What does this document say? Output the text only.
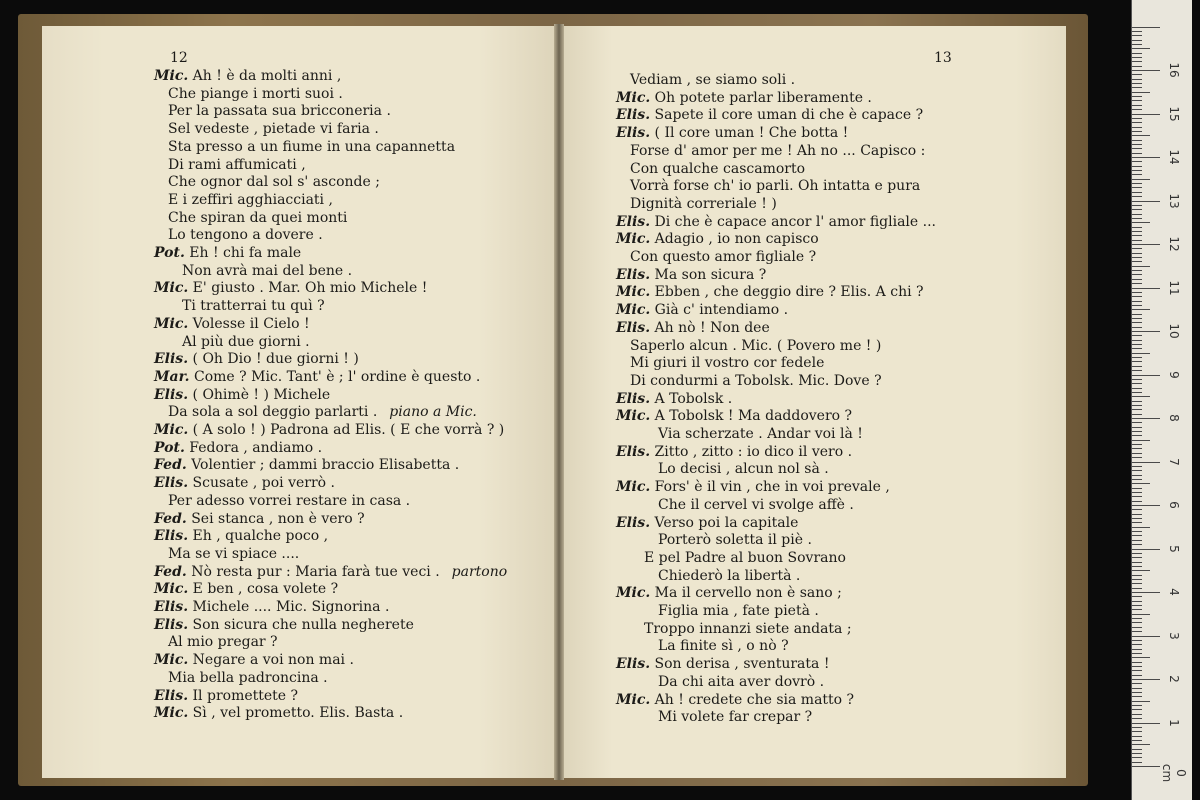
12
Mic. Ah ! è da molti anni ,
Che piange i morti suoi .
Per la passata sua bricconeria .
Sel vedeste , pietade vi faria .
Sta presso a un fiume in una capannetta
Di rami affumicati ,
Che ognor dal sol s' asconde ;
E i zeffiri agghiacciati ,
Che spiran da quei monti
Lo tengono a dovere .
Pot. Eh ! chi fa male
Non avrà mai del bene .
Mic. E' giusto . Mar. Oh mio Michele !
Ti tratterrai tu quì ?
Mic. Volesse il Cielo !
Al più due giorni .
Elis. ( Oh Dio ! due giorni ! )
Mar. Come ? Mic. Tant' è ; l' ordine è questo .
Elis. ( Ohimè ! ) Michele
Da sola a sol deggio parlarti . piano a Mic.
Mic. ( A solo ! ) Padrona ad Elis. ( E che vorrà ? )
Pot. Fedora , andiamo .
Fed. Volentier ; dammi braccio Elisabetta .
Elis. Scusate , poi verrò .
Per adesso vorrei restare in casa .
Fed. Sei stanca , non è vero ?
Elis. Eh , qualche poco ,
Ma se vi spiace ....
Fed. Nò resta pur : Maria farà tue veci . partono
Mic. E ben , cosa volete ?
Elis. Michele .... Mic. Signorina .
Elis. Son sicura che nulla negherete
Al mio pregar ?
Mic. Negare a voi non mai .
Mia bella padroncina .
Elis. Il promettete ?
Mic. Sì , vel prometto. Elis. Basta .
13
Vediam , se siamo soli .
Mic. Oh potete parlar liberamente .
Elis. Sapete il core uman di che è capace ?
Elis. ( Il core uman ! Che botta !
Forse d' amor per me ! Ah no ... Capisco :
Con qualche cascamorto
Vorrà forse ch' io parli. Oh intatta e pura
Dignità correriale ! )
Elis. Di che è capace ancor l' amor figliale ...
Mic. Adagio , io non capisco
Con questo amor figliale ?
Elis. Ma son sicura ?
Mic. Ebben , che deggio dire ? Elis. A chi ?
Mic. Già c' intendiamo .
Elis. Ah nò ! Non dee
Saperlo alcun . Mic. ( Povero me ! )
Mi giuri il vostro cor fedele
Di condurmi a Tobolsk. Mic. Dove ?
Elis. A Tobolsk .
Mic. A Tobolsk ! Ma daddovero ?
Via scherzate . Andar voi là !
Elis. Zitto , zitto : io dico il vero .
Lo decisi , alcun nol sà .
Mic. Fors' è il vin , che in voi prevale ,
Che il cervel vi svolge affè .
Elis. Verso poi la capitale
Porterò soletta il piè .
E pel Padre al buon Sovrano
Chiederò la libertà .
Mic. Ma il cervello non è sano ;
Figlia mia , fate pietà .
Troppo innanzi siete andata ;
La finite sì , o nò ?
Elis. Son derisa , sventurata !
Da chi aita aver dovrò .
Mic. Ah ! credete che sia matto ?
Mi volete far crepar ?
16
15
14
13
12
11
10
9
8
7
6
5
4
3
2
1
0 cm
